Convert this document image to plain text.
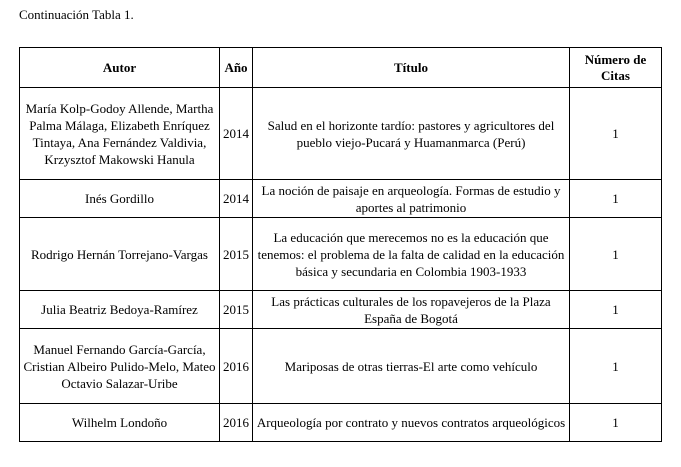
Continuación Tabla 1.
Autor	Año	Título	Número de Citas
María Kolp-Godoy Allende, Martha Palma Málaga, Elizabeth Enríquez Tintaya, Ana Fernández Valdivia, Krzysztof Makowski Hanula	2014	Salud en el horizonte tardío: pastores y agricultores del pueblo viejo-Pucará y Huamanmarca (Perú)	1
Inés Gordillo	2014	La noción de paisaje en arqueología. Formas de estudio y aportes al patrimonio	1
Rodrigo Hernán Torrejano-Vargas	2015	La educación que merecemos no es la educación que tenemos: el problema de la falta de calidad en la educación básica y secundaria en Colombia 1903-1933	1
Julia Beatriz Bedoya-Ramírez	2015	Las prácticas culturales de los ropavejeros de la Plaza España de Bogotá	1
Manuel Fernando García-García, Cristian Albeiro Pulido-Melo, Mateo Octavio Salazar-Uribe	2016	Mariposas de otras tierras-El arte como vehículo	1
Wilhelm Londoño	2016	Arqueología por contrato y nuevos contratos arqueológicos	1
